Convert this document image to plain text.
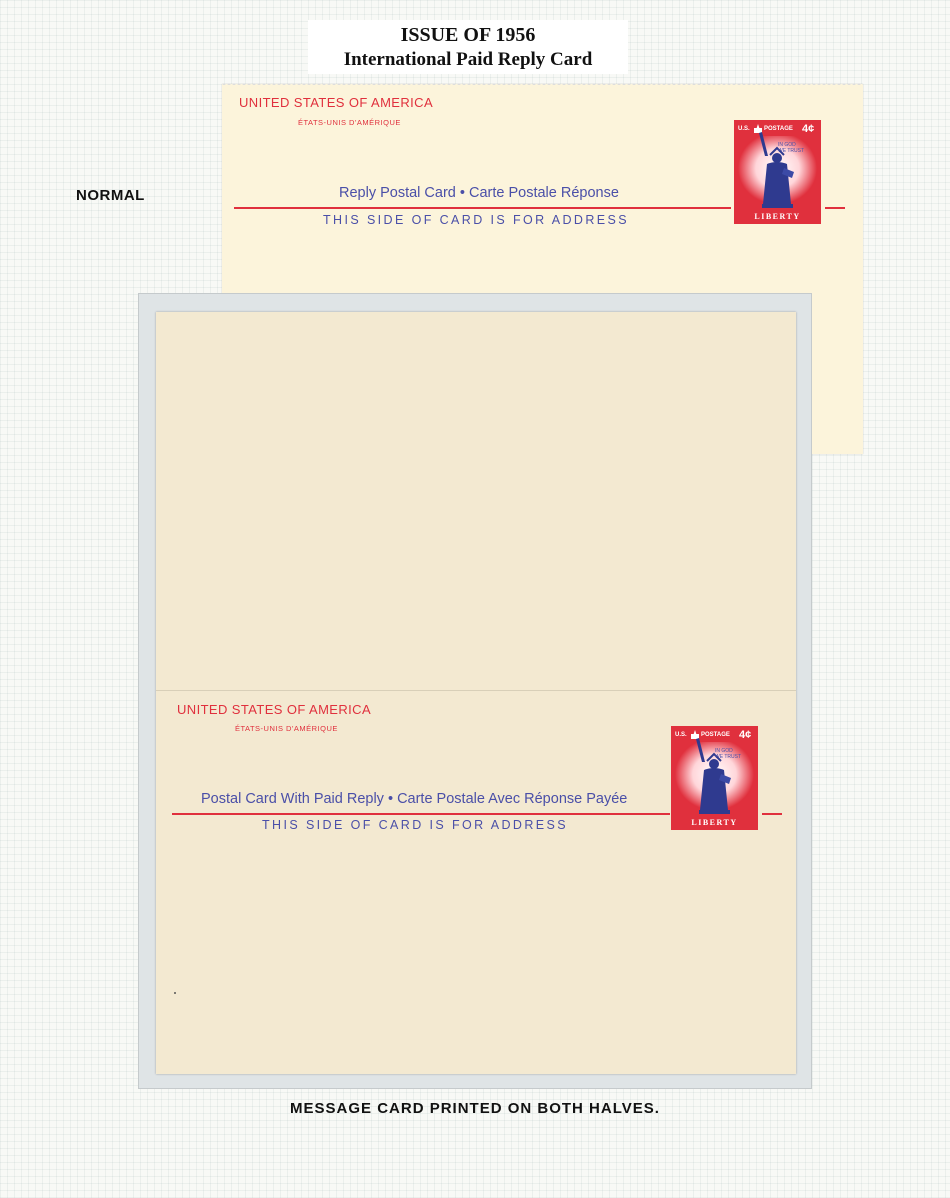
ISSUE OF 1956
International Paid Reply Card
NORMAL
UNITED STATES OF AMERICA
ÉTATS-UNIS D'AMÉRIQUE
Reply Postal Card • Carte Postale Réponse
THIS SIDE OF CARD IS FOR ADDRESS
U.S. POSTAGE 4¢
IN GOD
WE TRUST
LIBERTY
UNITED STATES OF AMERICA
ÉTATS-UNIS D'AMÉRIQUE
Postal Card With Paid Reply • Carte Postale Avec Réponse Payée
THIS SIDE OF CARD IS FOR ADDRESS
U.S. POSTAGE 4¢
IN GOD
WE TRUST
LIBERTY
MESSAGE CARD PRINTED ON BOTH HALVES.
